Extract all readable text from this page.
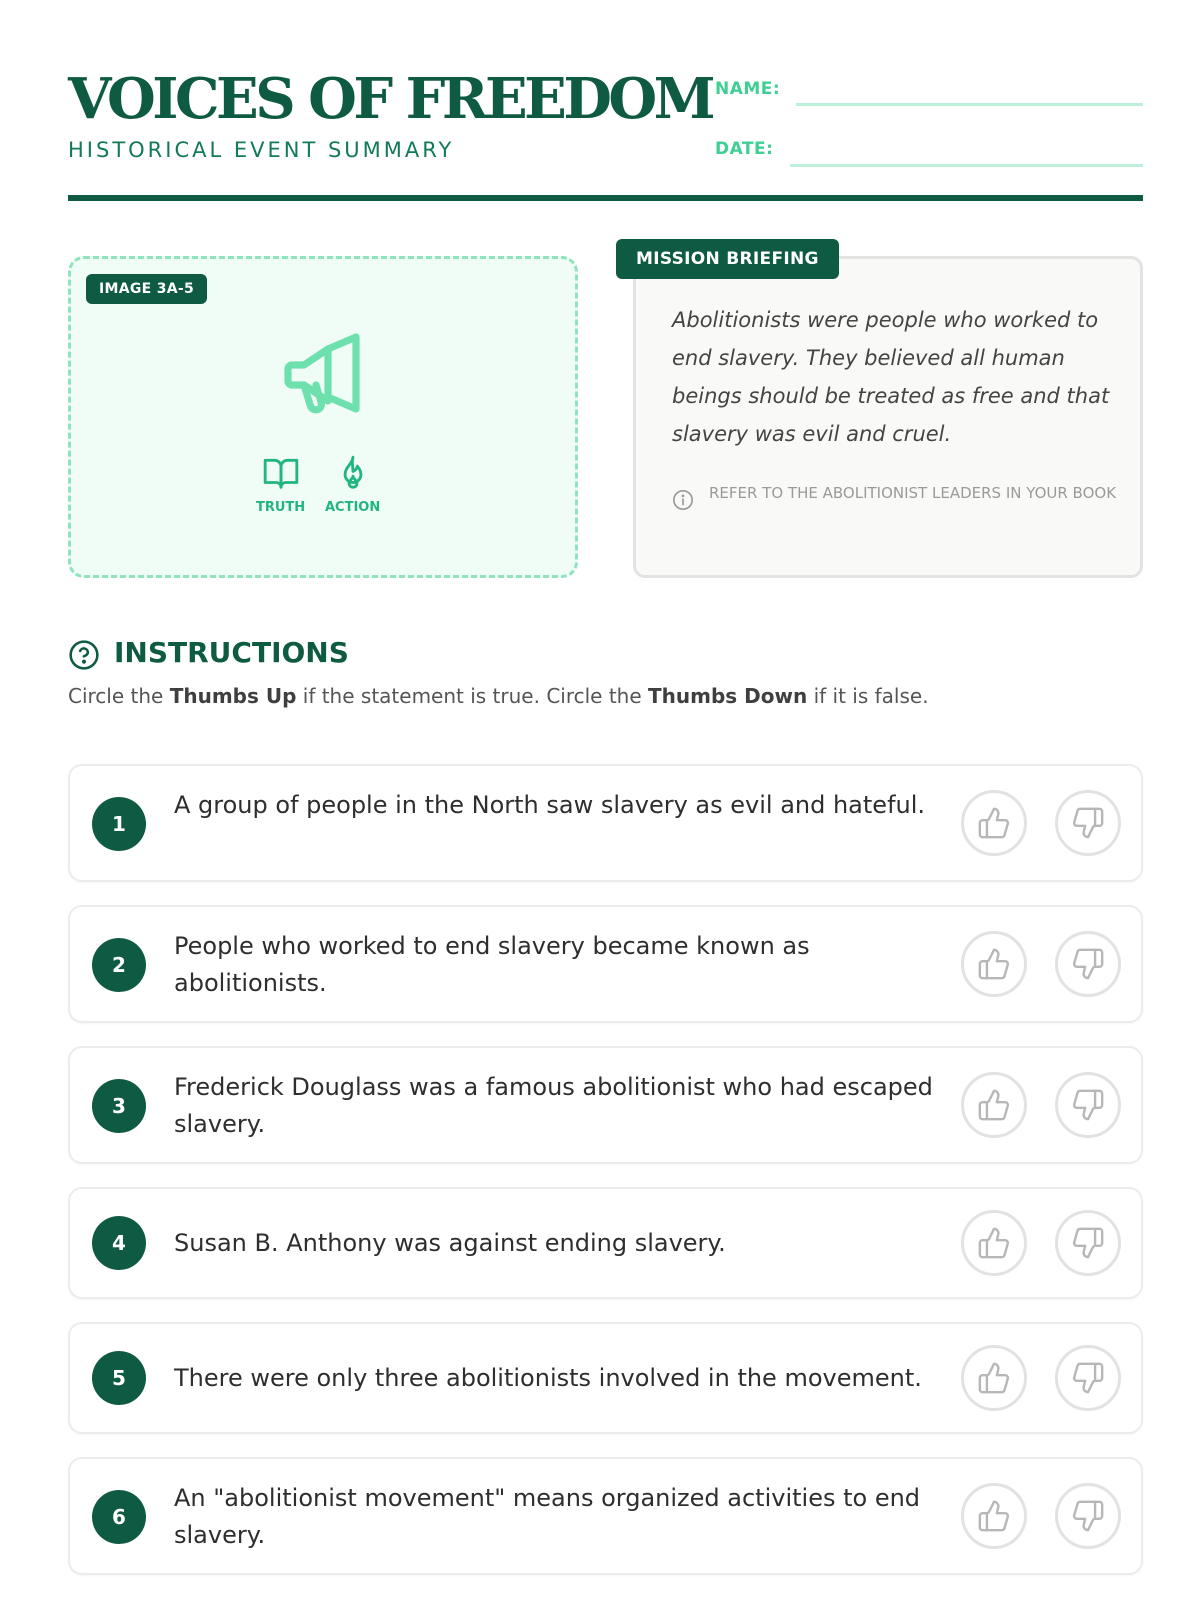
VOICES OF FREEDOM
HISTORICAL EVENT SUMMARY
NAME:
DATE:
IMAGE 3A-5
TRUTH ACTION
MISSION BRIEFING
Abolitionists were people who worked to end slavery. They believed all human beings should be treated as free and that slavery was evil and cruel.
REFER TO THE ABOLITIONIST LEADERS IN YOUR BOOK
INSTRUCTIONS
Circle the Thumbs Up if the statement is true. Circle the Thumbs Down if it is false.
1
A group of people in the North saw slavery as evil and hateful.
2
People who worked to end slavery became known as abolitionists.
3
Frederick Douglass was a famous abolitionist who had escaped slavery.
4	Susan B. Anthony was against ending slavery.
5	There were only three abolitionists involved in the movement.
6
An "abolitionist movement" means organized activities to end slavery.
